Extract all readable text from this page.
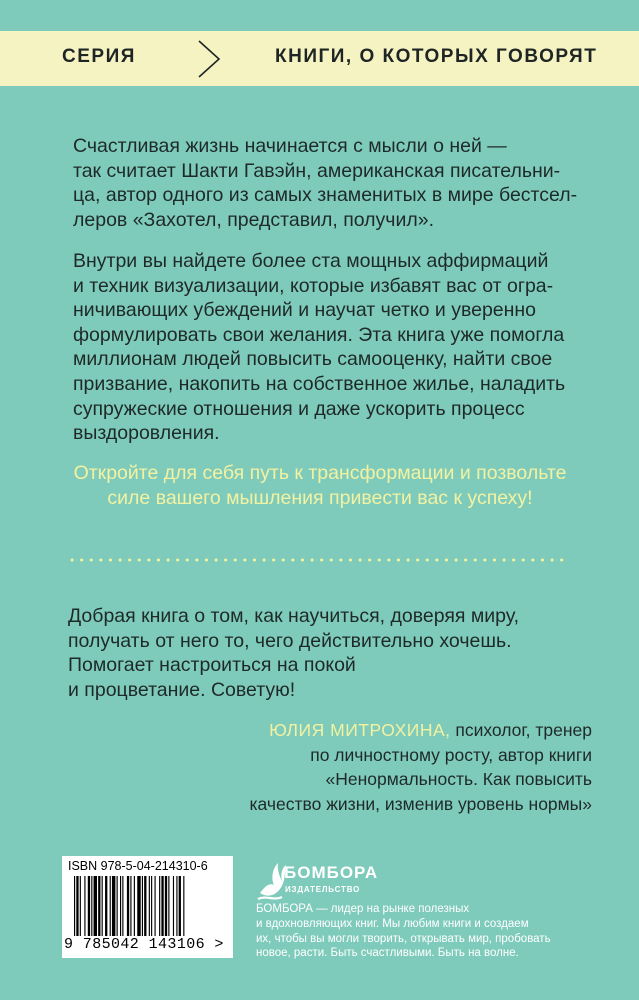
СЕРИЯ	КНИГИ, О КОТОРЫХ ГОВОРЯТ
Счастливая жизнь начинается с мысли о ней —
так считает Шакти Гавэйн, американская писательни-
ца, автор одного из самых знаменитых в мире бестсел-
леров «Захотел, представил, получил».
Внутри вы найдете более ста мощных аффирмаций
и техник визуализации, которые избавят вас от огра-
ничивающих убеждений и научат четко и уверенно
формулировать свои желания. Эта книга уже помогла
миллионам людей повысить самооценку, найти свое
призвание, накопить на собственное жилье, наладить
супружеские отношения и даже ускорить процесс
выздоровления.
Откройте для себя путь к трансформации и позвольте
силе вашего мышления привести вас к успеху!
Добрая книга о том, как научиться, доверяя миру,
получать от него то, чего действительно хочешь.
Помогает настроиться на покой
и процветание. Советую!
ЮЛИЯ МИТРОХИНА, психолог, тренер
по личностному росту, автор книги
«Ненормальность. Как повысить
качество жизни, изменив уровень нормы»
ISBN 978-5-04-214310-6
9 785042 143106 >
БОМБОРА
ИЗДАТЕЛЬСТВО
БОМБОРА — лидер на рынке полезных
и вдохновляющих книг. Мы любим книги и создаем
их, чтобы вы могли творить, открывать мир, пробовать
новое, расти. Быть счастливыми. Быть на волне.
